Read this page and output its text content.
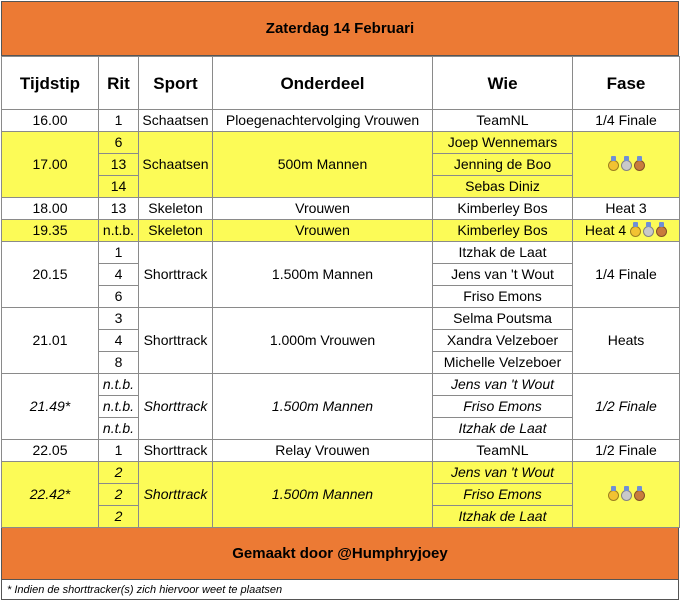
Zaterdag 14 Februari
Tijdstip	Rit	Sport	Onderdeel	Wie	Fase
16.00	1	Schaatsen	Ploegenachtervolging Vrouwen	TeamNL	1/4 Finale
17.00	6	Schaatsen	500m Mannen	Joep Wennemars	

	13			Jenning de Boo	
	14			Sebas Diniz	
18.00	13	Skeleton	Vrouwen	Kimberley Bos	Heat 3
19.35	n.t.b.	Skeleton	Vrouwen	Kimberley Bos	Heat 4

20.15	1	Shorttrack	1.500m Mannen	Itzhak de Laat	1/4 Finale
	4			Jens van 't Wout	
	6			Friso Emons	
21.01	3	Shorttrack	1.000m Vrouwen	Selma Poutsma	Heats
	4			Xandra Velzeboer	
	8			Michelle Velzeboer	
21.49*	n.t.b.	Shorttrack	1.500m Mannen	Jens van 't Wout	1/2 Finale
	n.t.b.			Friso Emons	
	n.t.b.			Itzhak de Laat	
22.05	1	Shorttrack	Relay Vrouwen	TeamNL	1/2 Finale
22.42*	2	Shorttrack	1.500m Mannen	Jens van 't Wout	

	2			Friso Emons	
	2			Itzhak de Laat	
Gemaakt door @Humphryjoey
* Indien de shorttracker(s) zich hiervoor weet te plaatsen
